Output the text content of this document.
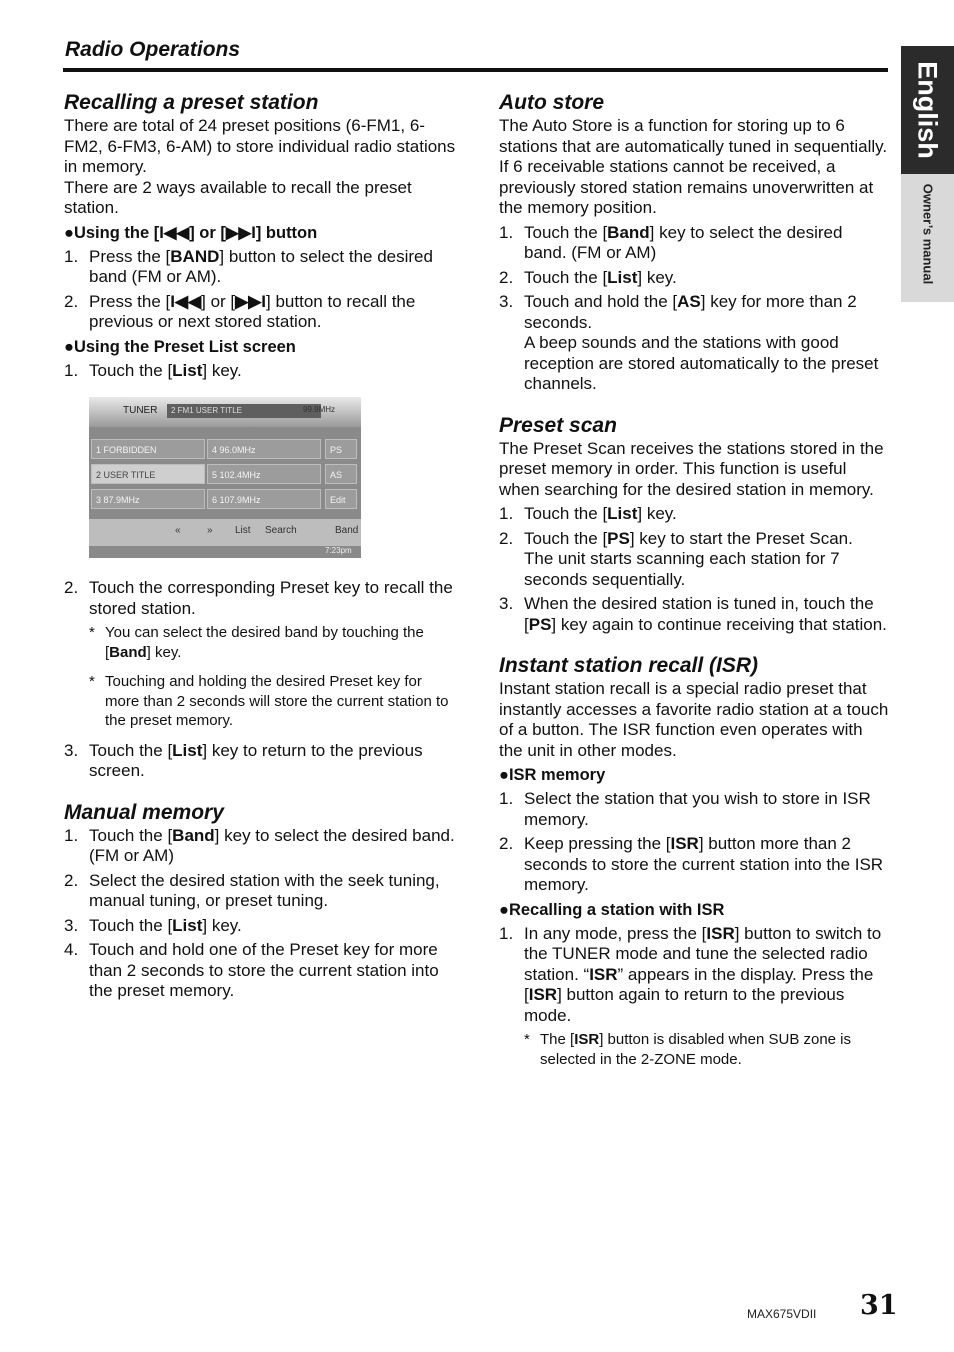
Radio Operations
English
Owner’s manual
Recalling a preset station

There are total of 24 preset positions (6-FM1, 6-FM2, 6-FM3, 6-AM) to store individual radio stations in memory.

There are 2 ways available to recall the preset station.

●Using the [I◀◀] or [▶▶I] button
1. Press the [BAND] button to select the desired band (FM or AM).
2. Press the [I◀◀] or [▶▶I] button to recall the previous or next stored station.
●Using the Preset List screen
1. Touch the [List] key.
TUNER	2 FM1 USER TITLE	99.9MHz
1 FORBIDDEN
2 USER TITLE
3 87.9MHz
4 96.0MHz
5 102.4MHz
6 107.9MHz
PS
AS
Edit
«	» List Search	Band
7:23pm
2. Touch the corresponding Preset key to recall the stored station.
* You can select the desired band by touching the [Band] key.
* Touching and holding the desired Preset key for more than 2 seconds will store the current station to the preset memory.
3. Touch the [List] key to return to the previous screen.
Manual memory
1. Touch the [Band] key to select the desired band. (FM or AM)
2. Select the desired station with the seek tuning, manual tuning, or preset tuning.
3. Touch the [List] key.
4. Touch and hold one of the Preset key for more than 2 seconds to store the current station into the preset memory.
Auto store

The Auto Store is a function for storing up to 6 stations that are automatically tuned in sequentially. If 6 receivable stations cannot be received, a previously stored station remains unoverwritten at the memory position.

1. Touch the [Band] key to select the desired band. (FM or AM)
2. Touch the [List] key.
3. Touch and hold the [AS] key for more than 2 seconds.
A beep sounds and the stations with good reception are stored automatically to the preset channels.
Preset scan

The Preset Scan receives the stations stored in the preset memory in order. This function is useful when searching for the desired station in memory.

1. Touch the [List] key.
2. Touch the [PS] key to start the Preset Scan.
The unit starts scanning each station for 7 seconds sequentially.
3. When the desired station is tuned in, touch the [PS] key again to continue receiving that station.
Instant station recall (ISR)

Instant station recall is a special radio preset that instantly accesses a favorite radio station at a touch of a button. The ISR function even operates with the unit in other modes.

●ISR memory
1. Select the station that you wish to store in ISR memory.
2. Keep pressing the [ISR] button more than 2 seconds to store the current station into the ISR memory.
●Recalling a station with ISR
1. In any mode, press the [ISR] button to switch to the TUNER mode and tune the selected radio station. “ISR” appears in the display. Press the [ISR] button again to return to the previous mode.
* The [ISR] button is disabled when SUB zone is selected in the 2-ZONE mode.
MAX675VDII 31
